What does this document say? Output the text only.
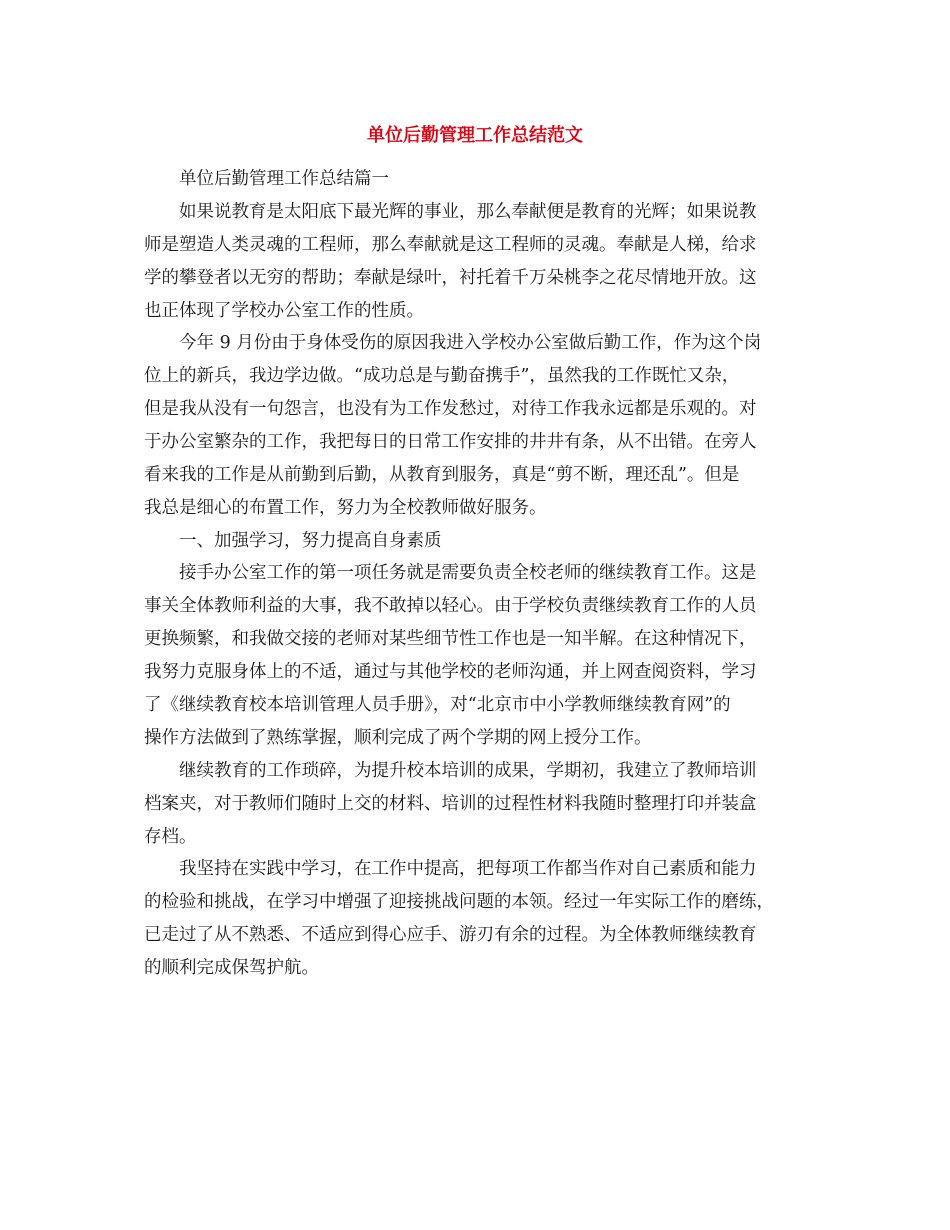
单位后勤管理工作总结范文
单位后勤管理工作总结篇一
如果说教育是太阳底下最光辉的事业，那么奉献便是教育的光辉；如果说教
师是塑造人类灵魂的工程师，那么奉献就是这工程师的灵魂。奉献是人梯，给求
学的攀登者以无穷的帮助；奉献是绿叶，衬托着千万朵桃李之花尽情地开放。这
也正体现了学校办公室工作的性质。
今年 9 月份由于身体受伤的原因我进入学校办公室做后勤工作，作为这个岗
位上的新兵，我边学边做。“成功总是与勤奋携手”，虽然我的工作既忙又杂，
但是我从没有一句怨言，也没有为工作发愁过，对待工作我永远都是乐观的。对
于办公室繁杂的工作，我把每日的日常工作安排的井井有条，从不出错。在旁人
看来我的工作是从前勤到后勤，从教育到服务，真是“剪不断，理还乱”。但是
我总是细心的布置工作，努力为全校教师做好服务。
一、加强学习，努力提高自身素质
接手办公室工作的第一项任务就是需要负责全校老师的继续教育工作。这是
事关全体教师利益的大事，我不敢掉以轻心。由于学校负责继续教育工作的人员
更换频繁，和我做交接的老师对某些细节性工作也是一知半解。在这种情况下，
我努力克服身体上的不适，通过与其他学校的老师沟通，并上网查阅资料，学习
了《继续教育校本培训管理人员手册》，对“北京市中小学教师继续教育网”的
操作方法做到了熟练掌握，顺利完成了两个学期的网上授分工作。
继续教育的工作琐碎，为提升校本培训的成果，学期初，我建立了教师培训
档案夹，对于教师们随时上交的材料、培训的过程性材料我随时整理打印并装盒
存档。
我坚持在实践中学习，在工作中提高，把每项工作都当作对自己素质和能力
的检验和挑战，在学习中增强了迎接挑战问题的本领。经过一年实际工作的磨练，
已走过了从不熟悉、不适应到得心应手、游刃有余的过程。为全体教师继续教育
的顺利完成保驾护航。
